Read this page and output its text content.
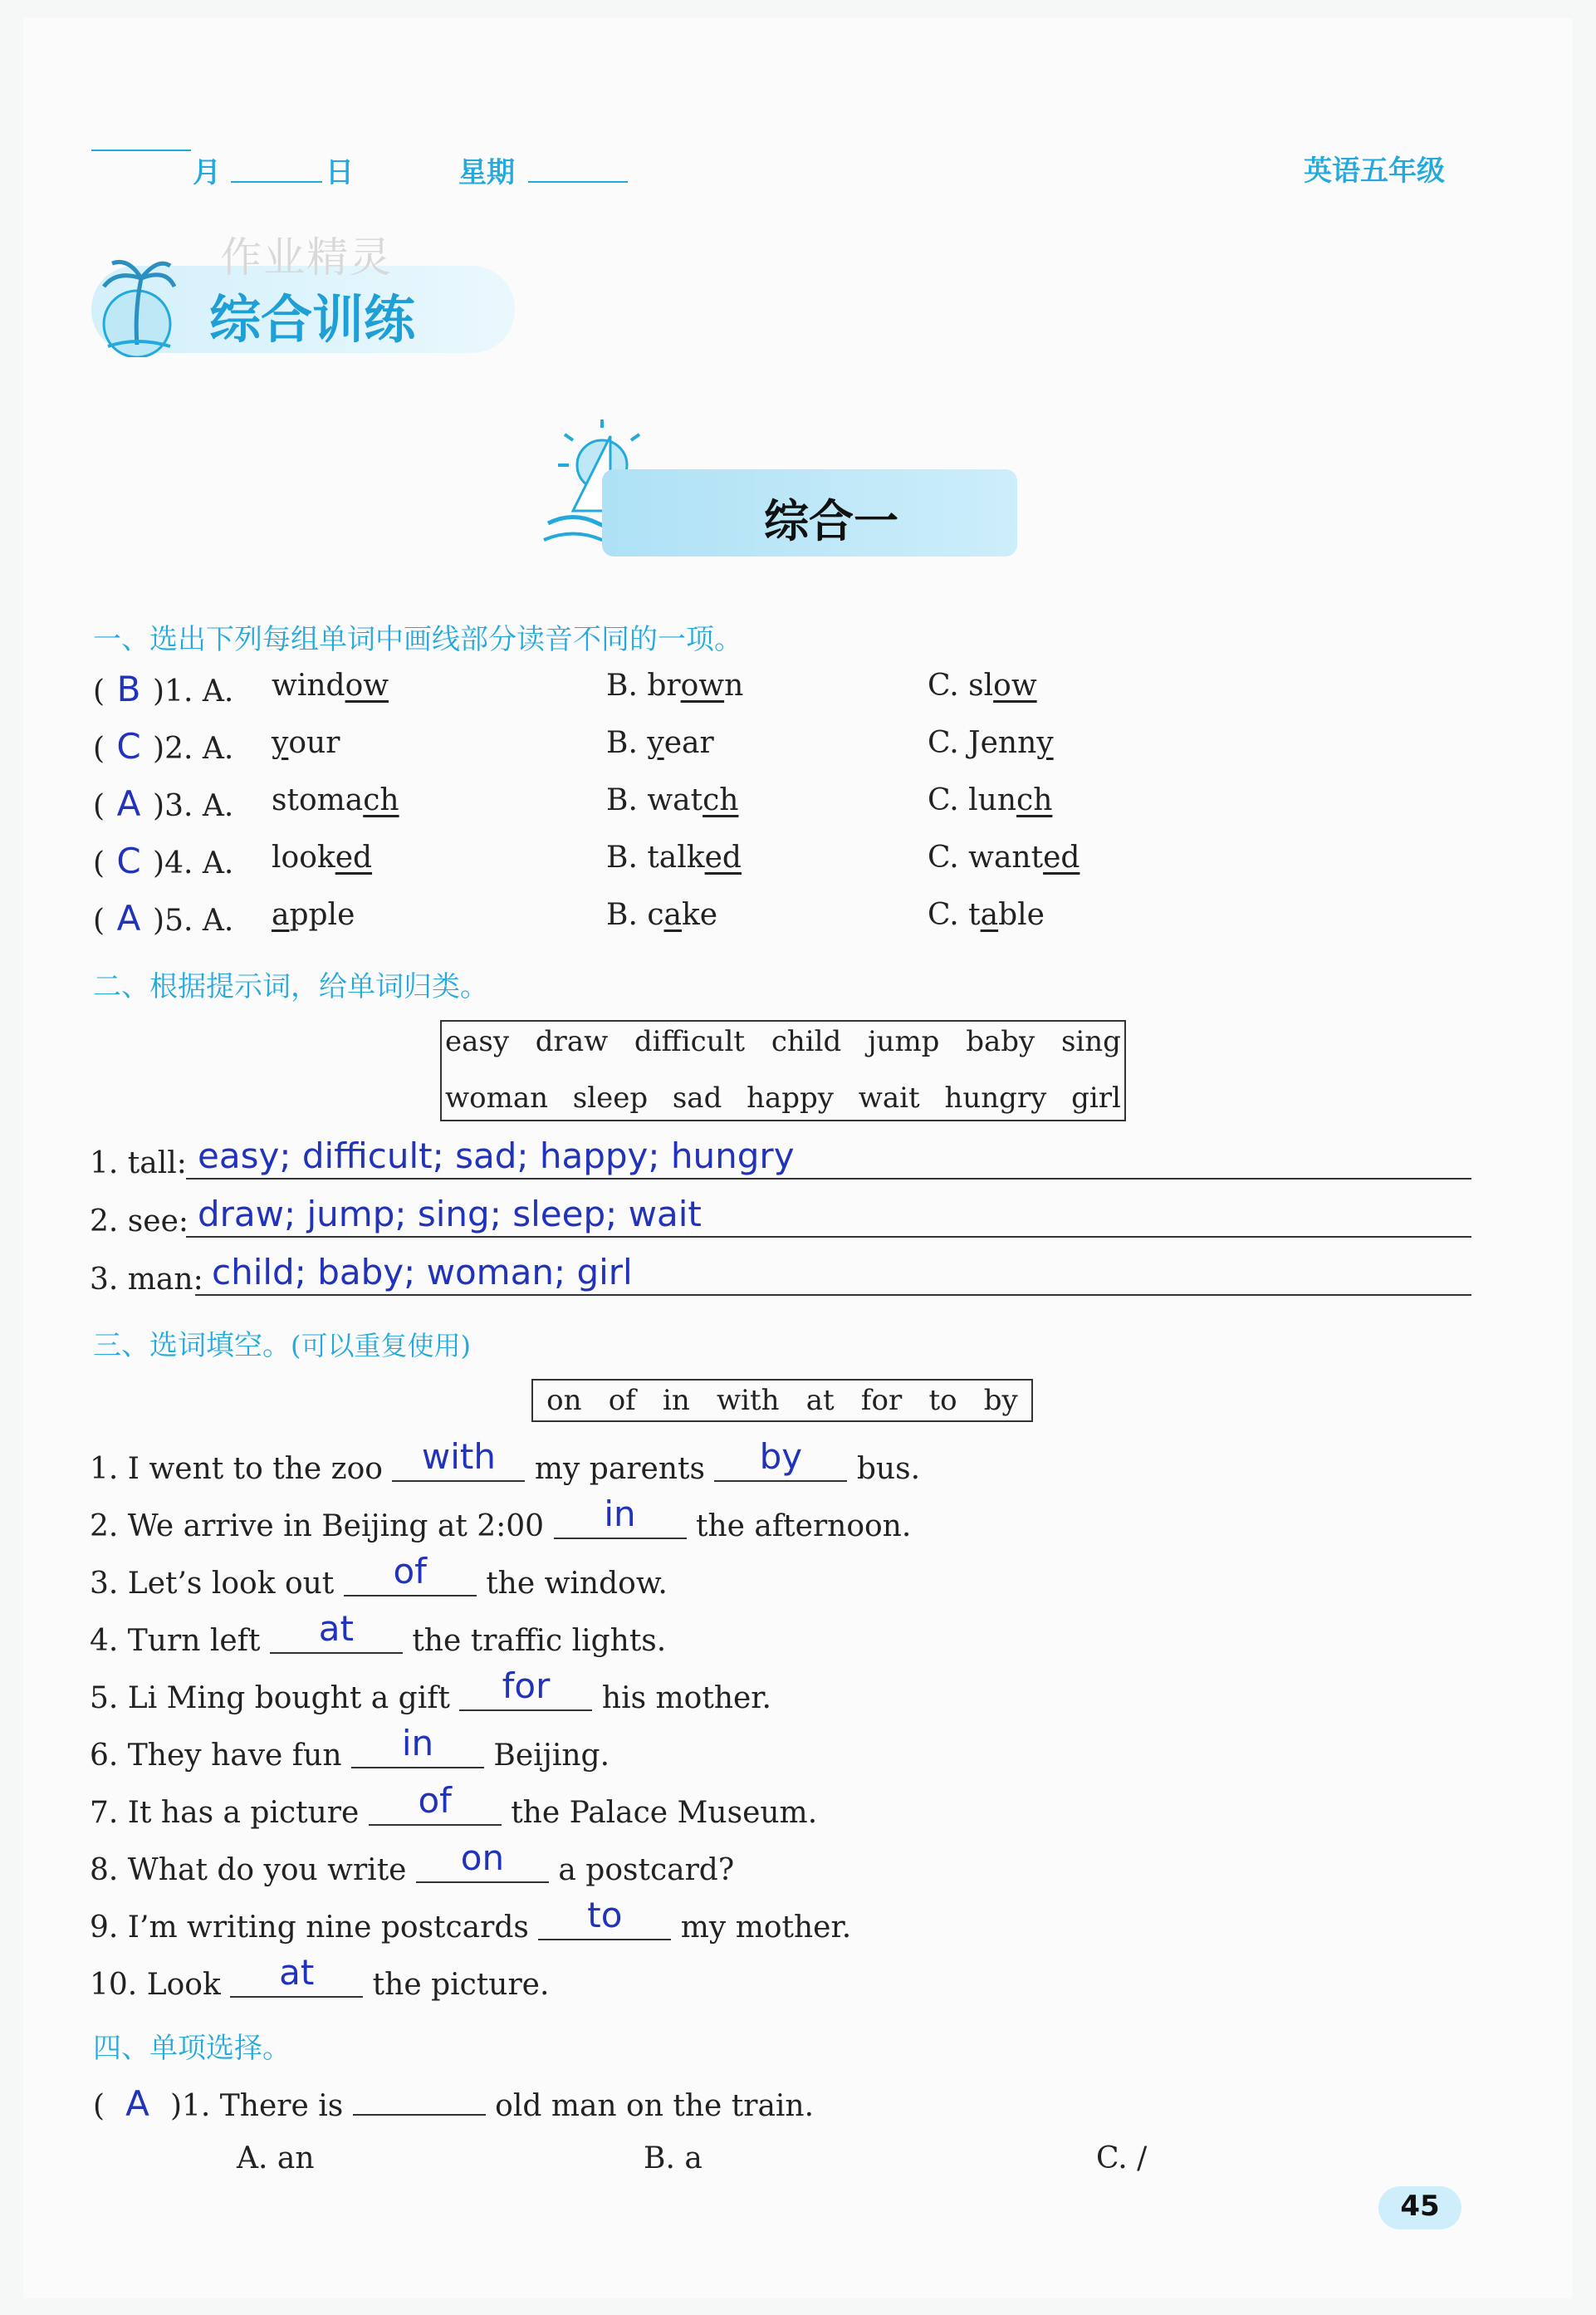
月	日	星期	英语五年级
作业精灵
综合训练
综合一
一、选出下列每组单词中画线部分读音不同的一项。
( B )1. A. window	B. brown	C. slow
( C )2. A. your	B. year	C. Jenny
( A )3. A. stomach	B. watch	C. lunch
( C )4. A. looked	B. talked	C. wanted
( A )5. A. apple	B. cake	C. table
二、根据提示词，给单词归类。
easy draw difficult child jump baby sing
woman sleep sad happy wait hungry girl
1. tall: easy; difficult; sad; happy; hungry
2. see: draw; jump; sing; sleep; wait
3. man: child; baby; woman; girl
三、选词填空。(可以重复使用)
on of in with at for to by
1. I went to the zoo	with	my parents	by	bus.
2. We arrive in Beijing at 2:00	in	the afternoon.
3. Let’s look out	of	the window.
4. Turn left	at	the traffic lights.
5. Li Ming bought a gift	for	his mother.
6. They have fun	in	Beijing.
7. It has a picture	of	the Palace Museum.
8. What do you write	on	a postcard?
9. I’m writing nine postcards	to	my mother.
10. Look	at	the picture.
四、单项选择。
( A )1. There is	old man on the train.
A. an	B. a	C. /
45
